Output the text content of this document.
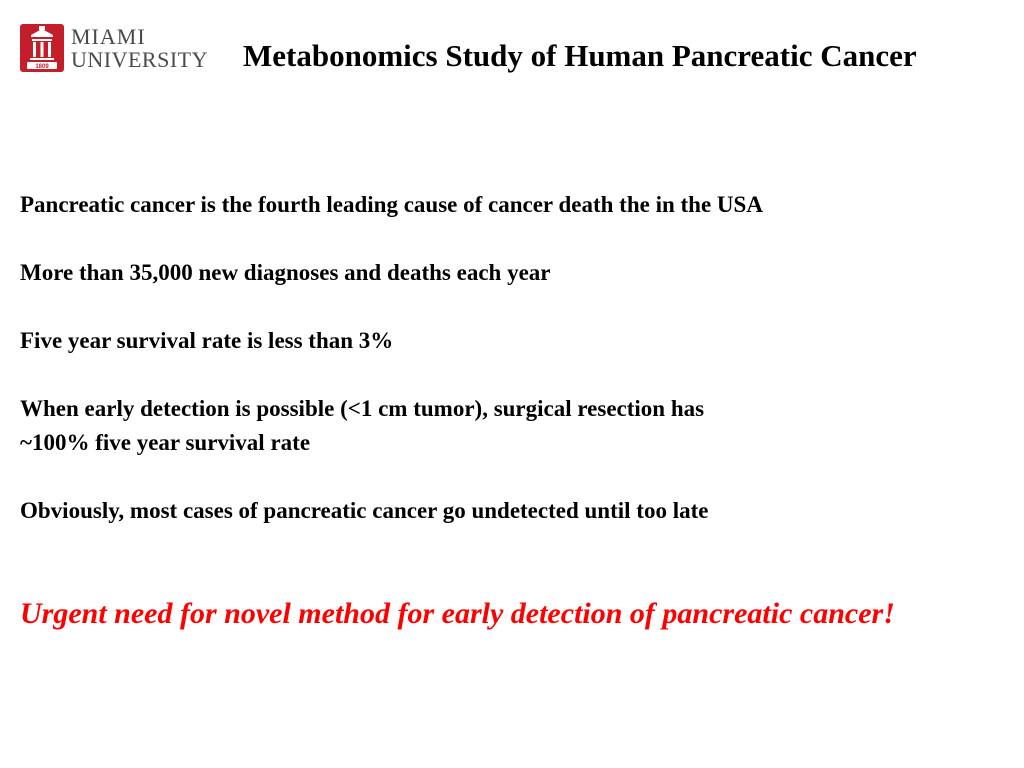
1809
MIAMI
UNIVERSITY Metabonomics Study of Human Pancreatic Cancer
Pancreatic cancer is the fourth leading cause of cancer death the in the USA
More than 35,000 new diagnoses and deaths each year
Five year survival rate is less than 3%
When early detection is possible (<1 cm tumor), surgical resection has
~100% five year survival rate
Obviously, most cases of pancreatic cancer go undetected until too late

Urgent need for novel method for early detection of pancreatic cancer!
